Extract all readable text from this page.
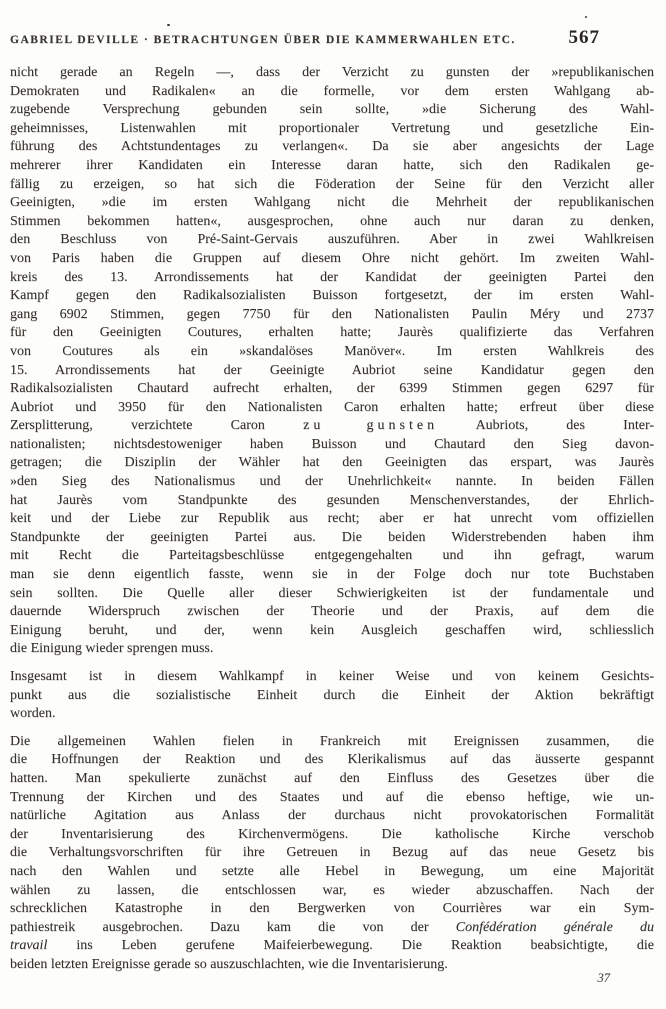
GABRIEL DEVILLE · BETRACHTUNGEN ÜBER DIE KAMMERWAHLEN ETC.	567
nicht gerade an Regeln —, dass der Verzicht zu gunsten der »republikanischen
Demokraten und Radikalen« an die formelle, vor dem ersten Wahlgang ab-
zugebende Versprechung gebunden sein sollte, »die Sicherung des Wahl-
geheimnisses, Listenwahlen mit proportionaler Vertretung und gesetzliche Ein-
führung des Achtstundentages zu verlangen«. Da sie aber angesichts der Lage
mehrerer ihrer Kandidaten ein Interesse daran hatte, sich den Radikalen ge-
fällig zu erzeigen, so hat sich die Föderation der Seine für den Verzicht aller
Geeinigten, »die im ersten Wahlgang nicht die Mehrheit der republikanischen
Stimmen bekommen hatten«, ausgesprochen, ohne auch nur daran zu denken,
den Beschluss von Pré-Saint-Gervais auszuführen. Aber in zwei Wahlkreisen
von Paris haben die Gruppen auf diesem Ohre nicht gehört. Im zweiten Wahl-
kreis des 13. Arrondissements hat der Kandidat der geeinigten Partei den
Kampf gegen den Radikalsozialisten Buisson fortgesetzt, der im ersten Wahl-
gang 6902 Stimmen, gegen 7750 für den Nationalisten Paulin Méry und 2737
für den Geeinigten Coutures, erhalten hatte; Jaurès qualifizierte das Verfahren
von Coutures als ein »skandalöses Manöver«. Im ersten Wahlkreis des
15. Arrondissements hat der Geeinigte Aubriot seine Kandidatur gegen den
Radikalsozialisten Chautard aufrecht erhalten, der 6399 Stimmen gegen 6297 für
Aubriot und 3950 für den Nationalisten Caron erhalten hatte; erfreut über diese
Zersplitterung, verzichtete Caron zu gunsten Aubriots, des Inter-
nationalisten; nichtsdestoweniger haben Buisson und Chautard den Sieg davon-
getragen; die Disziplin der Wähler hat den Geeinigten das erspart, was Jaurès
»den Sieg des Nationalismus und der Unehrlichkeit« nannte. In beiden Fällen
hat Jaurès vom Standpunkte des gesunden Menschenverstandes, der Ehrlich-
keit und der Liebe zur Republik aus recht; aber er hat unrecht vom offiziellen
Standpunkte der geeinigten Partei aus. Die beiden Widerstrebenden haben ihm
mit Recht die Parteitagsbeschlüsse entgegengehalten und ihn gefragt, warum
man sie denn eigentlich fasste, wenn sie in der Folge doch nur tote Buchstaben
sein sollten. Die Quelle aller dieser Schwierigkeiten ist der fundamentale und
dauernde Widerspruch zwischen der Theorie und der Praxis, auf dem die
Einigung beruht, und der, wenn kein Ausgleich geschaffen wird, schliesslich
die Einigung wieder sprengen muss.
Insgesamt ist in diesem Wahlkampf in keiner Weise und von keinem Gesichts-
punkt aus die sozialistische Einheit durch die Einheit der Aktion bekräftigt
worden.
Die allgemeinen Wahlen fielen in Frankreich mit Ereignissen zusammen, die
die Hoffnungen der Reaktion und des Klerikalismus auf das äusserte gespannt
hatten. Man spekulierte zunächst auf den Einfluss des Gesetzes über die
Trennung der Kirchen und des Staates und auf die ebenso heftige, wie un-
natürliche Agitation aus Anlass der durchaus nicht provokatorischen Formalität
der Inventarisierung des Kirchenvermögens. Die katholische Kirche verschob
die Verhaltungsvorschriften für ihre Getreuen in Bezug auf das neue Gesetz bis
nach den Wahlen und setzte alle Hebel in Bewegung, um eine Majorität
wählen zu lassen, die entschlossen war, es wieder abzuschaffen. Nach der
schrecklichen Katastrophe in den Bergwerken von Courrières war ein Sym-
pathiestreik ausgebrochen. Dazu kam die von der Confédération générale du
travail ins Leben gerufene Maifeierbewegung. Die Reaktion beabsichtigte, die
beiden letzten Ereignisse gerade so auszuschlachten, wie die Inventarisierung.
37
